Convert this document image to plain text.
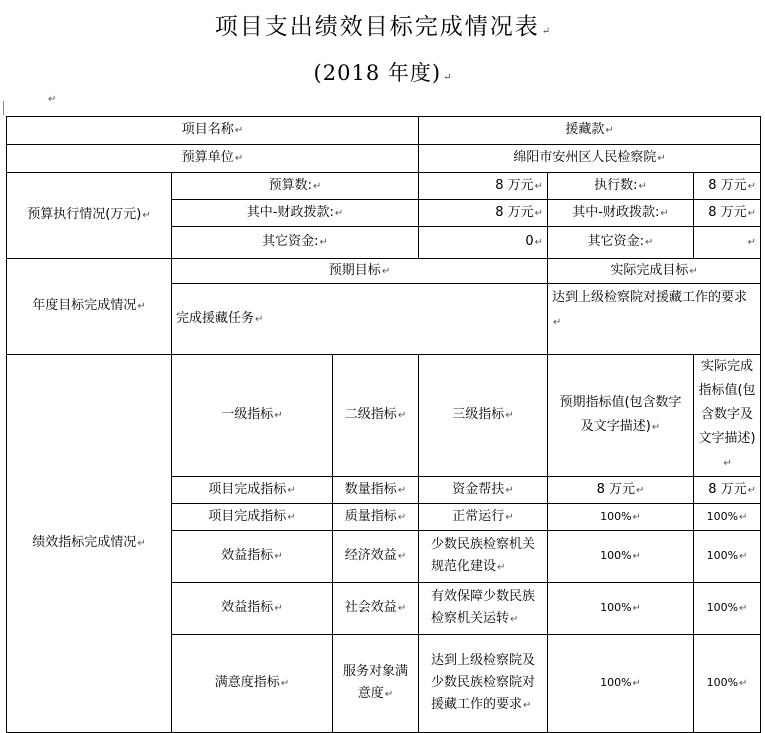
项目支出绩效目标完成情况表 ↵
(2018 年度) ↵
↵
项目名称↵			援藏款↵		
预算单位↵			绵阳市安州区人民检察院↵		
预算执行情况(万元)↵	预算数:↵		8 万元↵	执行数:↵	8 万元↵
	其中-财政拨款:↵		8 万元↵	其中-财政拨款:↵	8 万元↵
	其它资金:↵		0↵	其它资金:↵	↵
年度目标完成情况↵	预期目标↵			实际完成目标↵	
	完成援藏任务↵			达到上级检察院对援藏工作的要求↵	
绩效指标完成情况↵	一级指标↵	二级指标↵	三级指标↵	预期指标值(包含数字及文字描述)↵	实际完成指标值(包含数字及文字描述)↵
	项目完成指标↵	数量指标↵	资金帮扶↵	8 万元↵	8 万元↵
	项目完成指标↵	质量指标↵	正常运行↵	100%↵	100%↵
	效益指标↵	经济效益↵	少数民族检察机关规范化建设↵	100%↵	100%↵
	效益指标↵	社会效益↵	有效保障少数民族检察机关运转↵	100%↵	100%↵
	满意度指标↵	服务对象满意度↵	达到上级检察院及少数民族检察院对援藏工作的要求↵	100%↵	100%↵
